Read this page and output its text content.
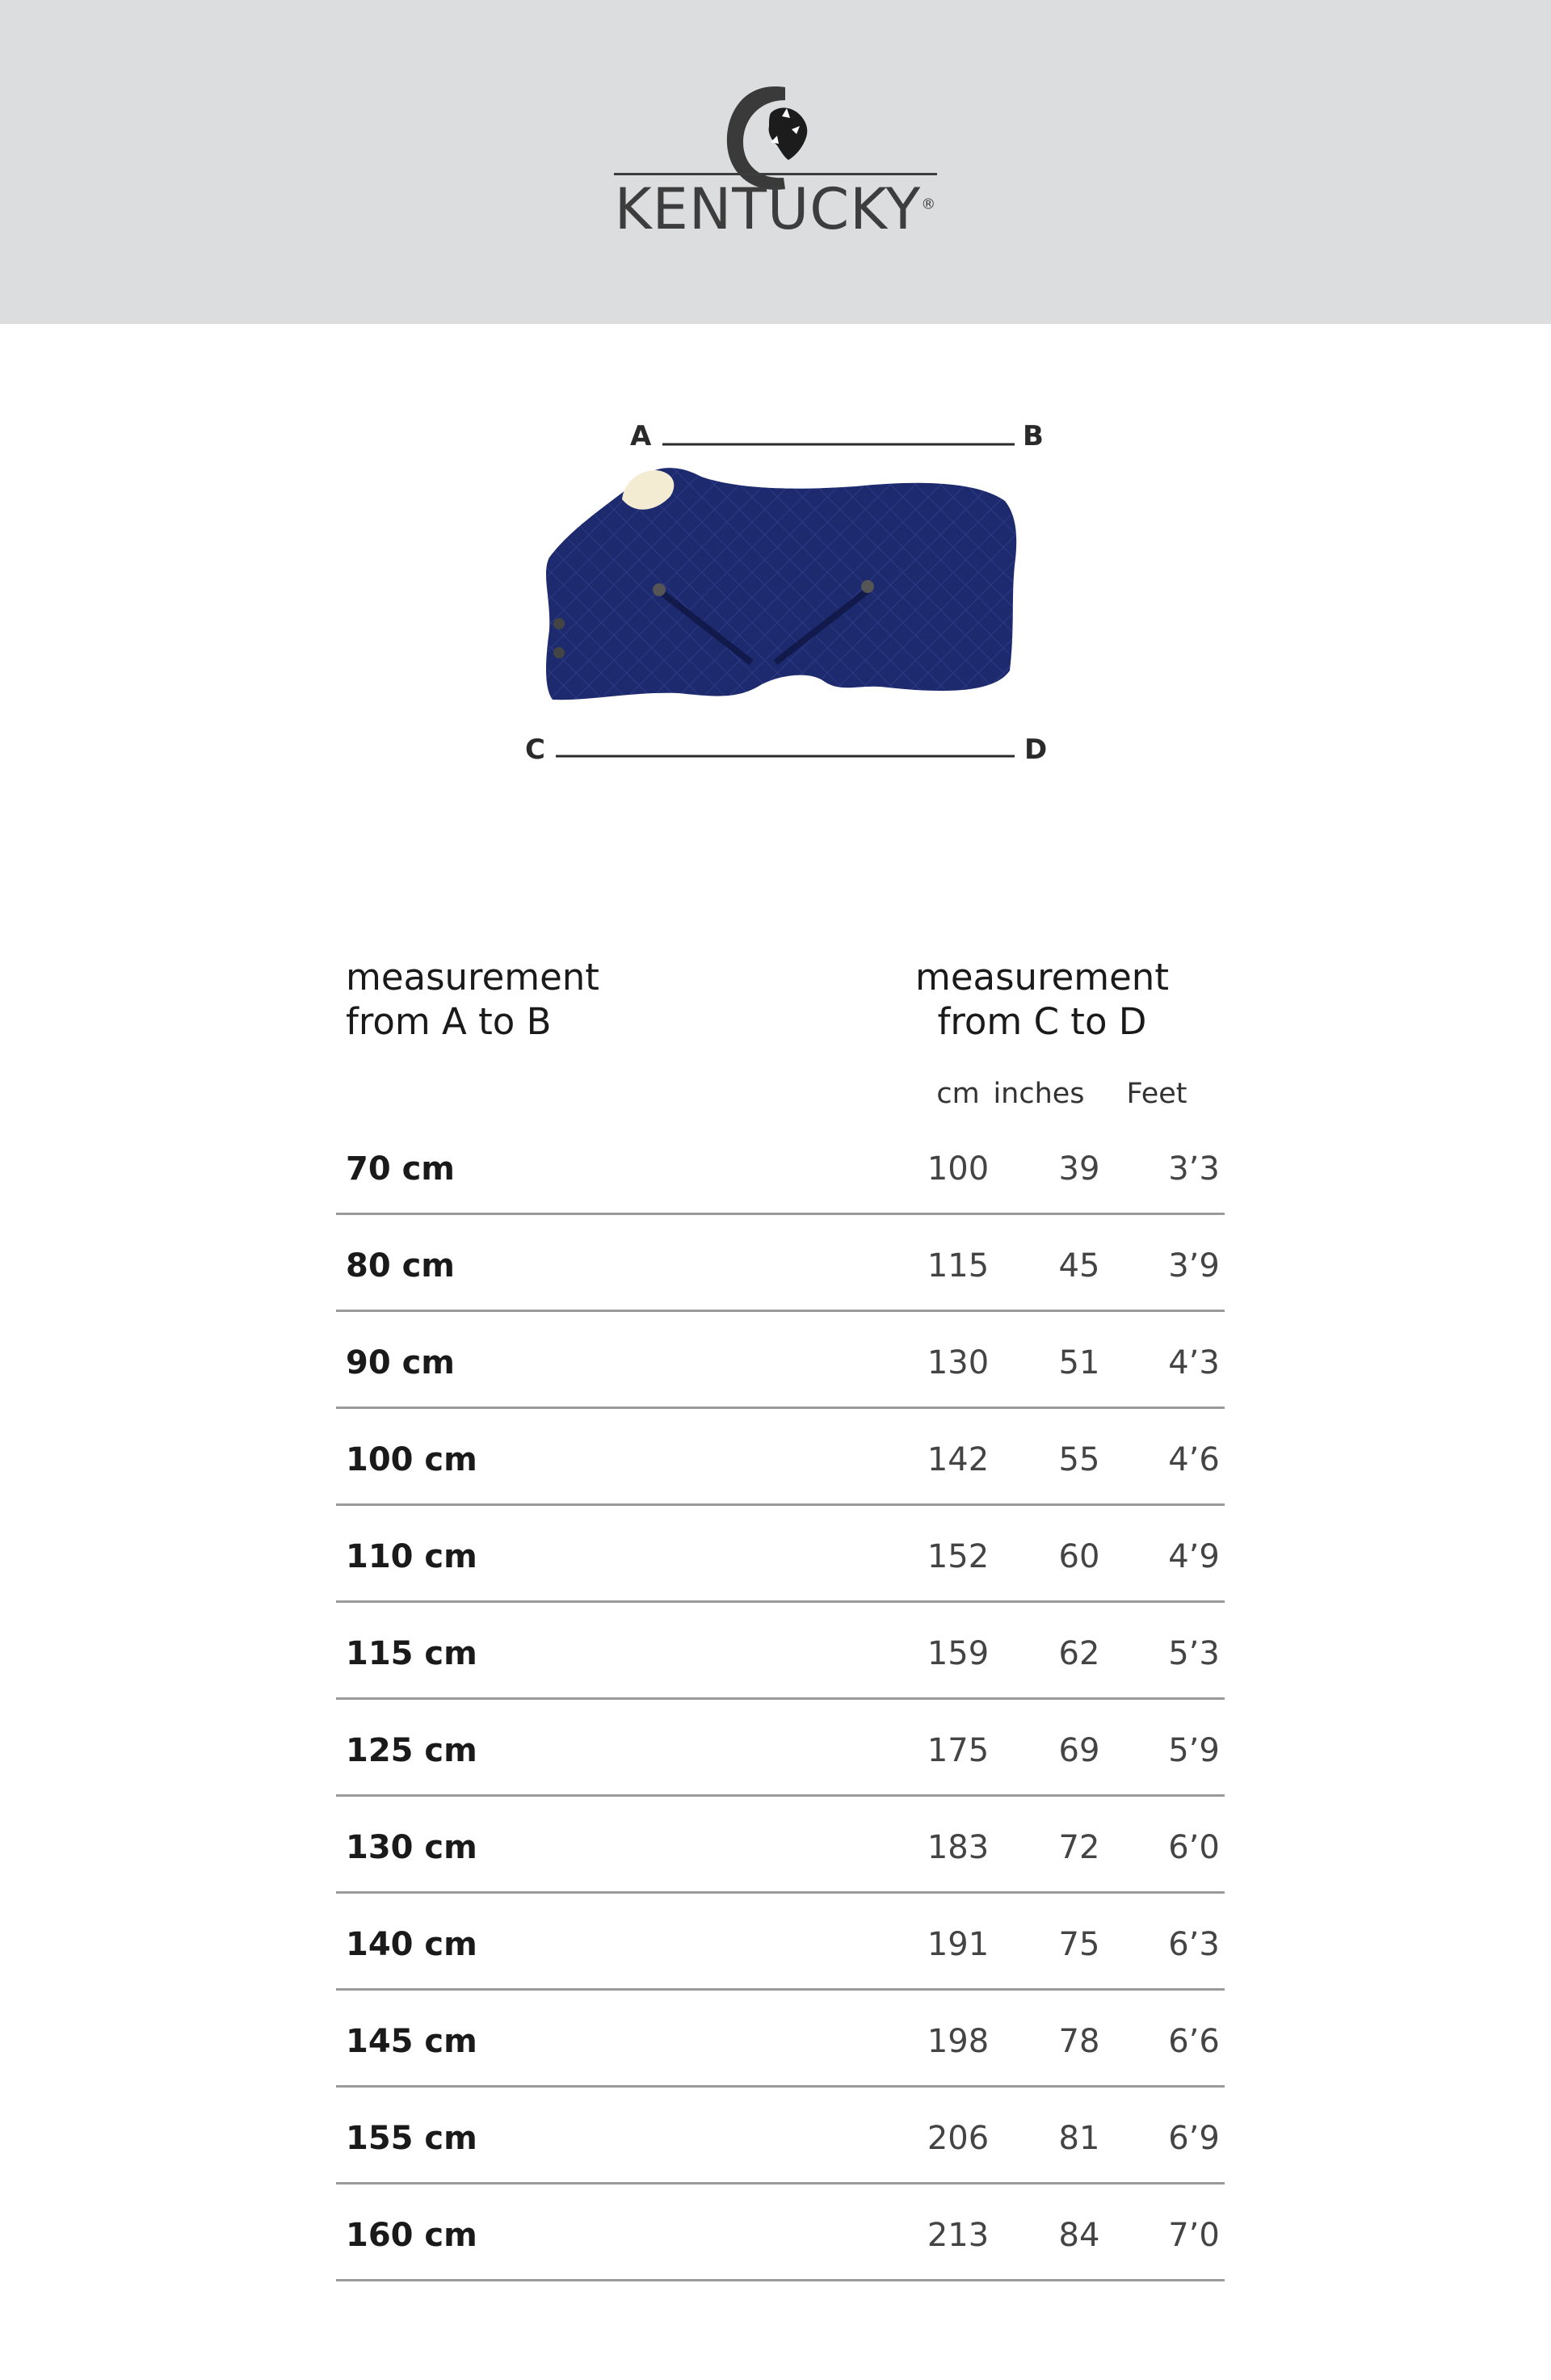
KENTUCKY®
A	B
C	D
measurement
from A to B
measurement
from C to D
cm inches	Feet
70 cm	100	39	3’3
80 cm	115	45	3’9
90 cm	130	51	4’3
100 cm	142	55	4’6
110 cm	152	60	4’9
115 cm	159	62	5’3
125 cm	175	69	5’9
130 cm	183	72	6’0
140 cm	191	75	6’3
145 cm	198	78	6’6
155 cm	206	81	6’9
160 cm	213	84	7’0
